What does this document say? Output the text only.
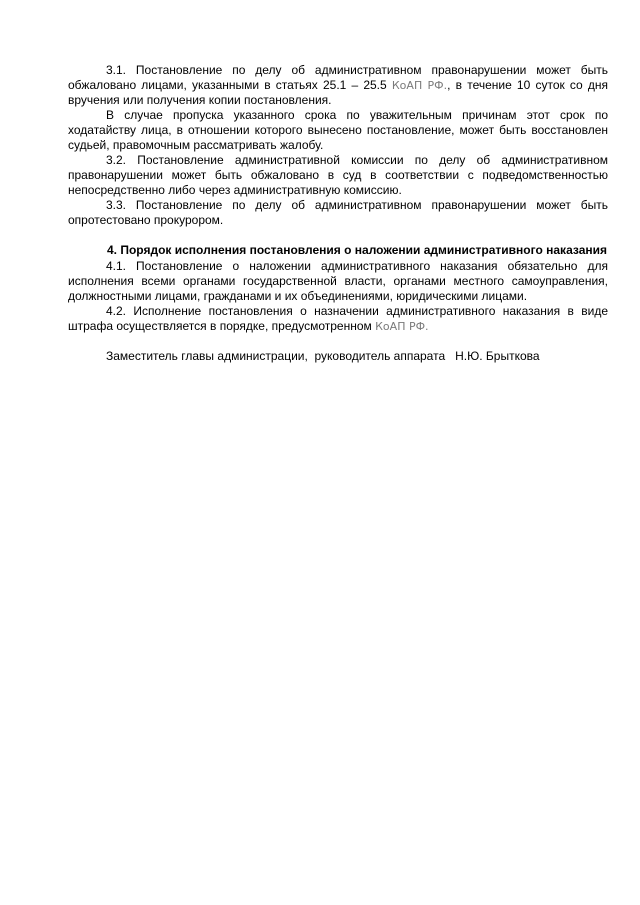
3.1. Постановление по делу об административном правонарушении может быть обжаловано лицами, указанными в статьях 25.1 – 25.5 КоАП РФ., в течение 10 суток со дня вручения или получения копии постановления.

В случае пропуска указанного срока по уважительным причинам этот срок по ходатайству лица, в отношении которого вынесено постановление, может быть восстановлен судьей, правомочным рассматривать жалобу.

3.2. Постановление административной комиссии по делу об административном правонарушении может быть обжаловано в суд в соответствии с подведомственностью непосредственно либо через административную комиссию.

3.3. Постановление по делу об административном правонарушении может быть опротестовано прокурором.

4. Порядок исполнения постановления о наложении административного наказания

4.1. Постановление о наложении административного наказания обязательно для исполнения всеми органами государственной власти, органами местного самоуправления, должностными лицами, гражданами и их объединениями, юридическими лицами.

4.2. Исполнение постановления о назначении административного наказания в виде штрафа осуществляется в порядке, предусмотренном КоАП РФ.

Заместитель главы администрации,  руководитель аппарата   Н.Ю. Брыткова
